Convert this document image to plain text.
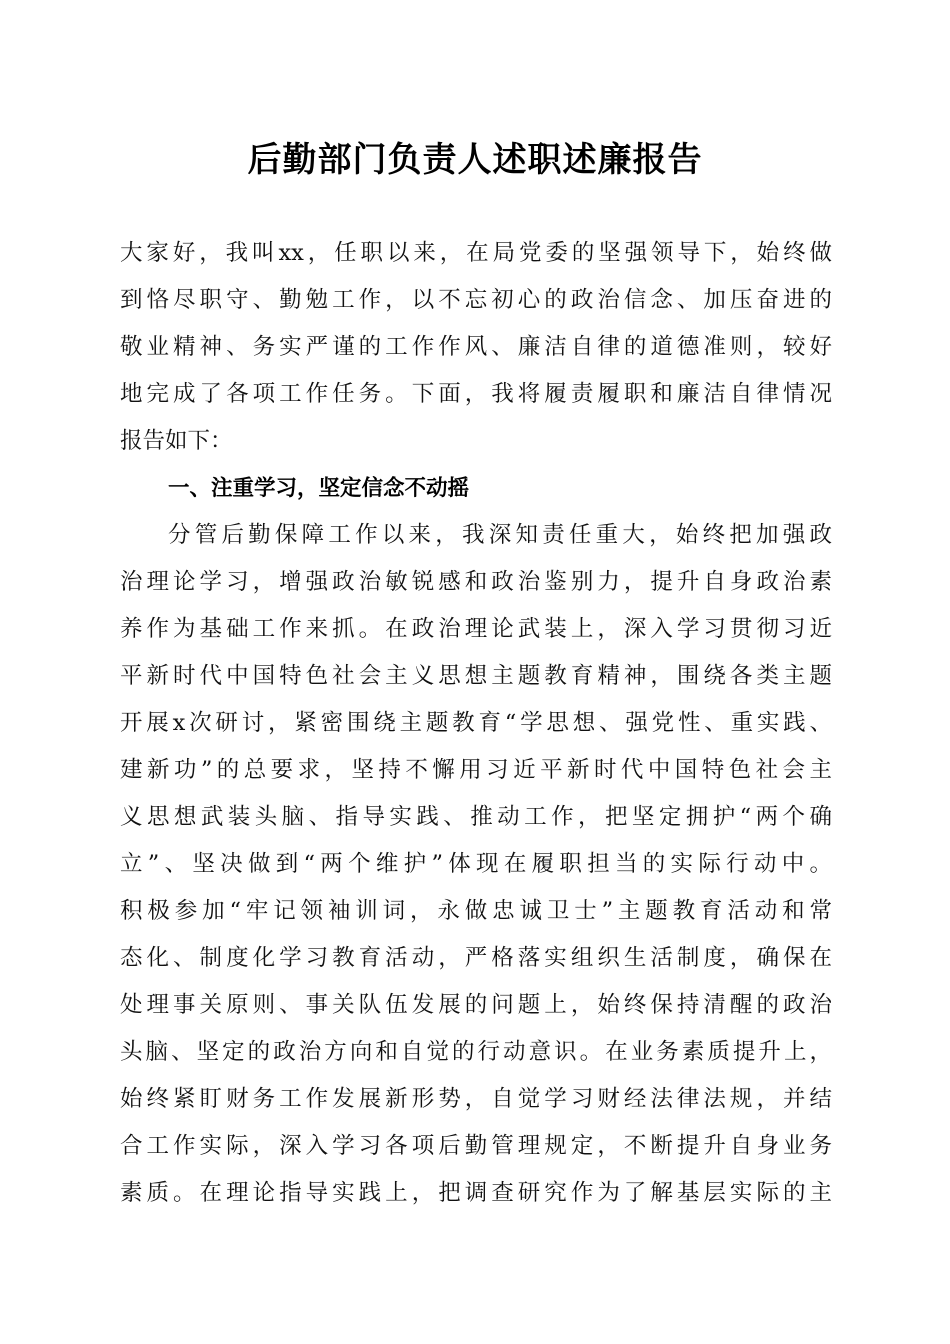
后勤部门负责人述职述廉报告
大家好，我叫xx，任职以来，在局党委的坚强领导下，始终做
到恪尽职守、勤勉工作，以不忘初心的政治信念、加压奋进的
敬业精神、务实严谨的工作作风、廉洁自律的道德准则，较好
地完成了各项工作任务。下面，我将履责履职和廉洁自律情况
报告如下：
一、注重学习，坚定信念不动摇
分管后勤保障工作以来，我深知责任重大，始终把加强政
治理论学习，增强政治敏锐感和政治鉴别力，提升自身政治素
养作为基础工作来抓。在政治理论武装上，深入学习贯彻习近
平新时代中国特色社会主义思想主题教育精神，围绕各类主题
开展x次研讨，紧密围绕主题教育“学思想、强党性、重实践、
建新功”的总要求，坚持不懈用习近平新时代中国特色社会主
义思想武装头脑、指导实践、推动工作，把坚定拥护“两个确
立”、坚决做到“两个维护”体现在履职担当的实际行动中。
积极参加“牢记领袖训词，永做忠诚卫士”主题教育活动和常
态化、制度化学习教育活动，严格落实组织生活制度，确保在
处理事关原则、事关队伍发展的问题上，始终保持清醒的政治
头脑、坚定的政治方向和自觉的行动意识。在业务素质提升上，
始终紧盯财务工作发展新形势，自觉学习财经法律法规，并结
合工作实际，深入学习各项后勤管理规定，不断提升自身业务
素质。在理论指导实践上，把调查研究作为了解基层实际的主
